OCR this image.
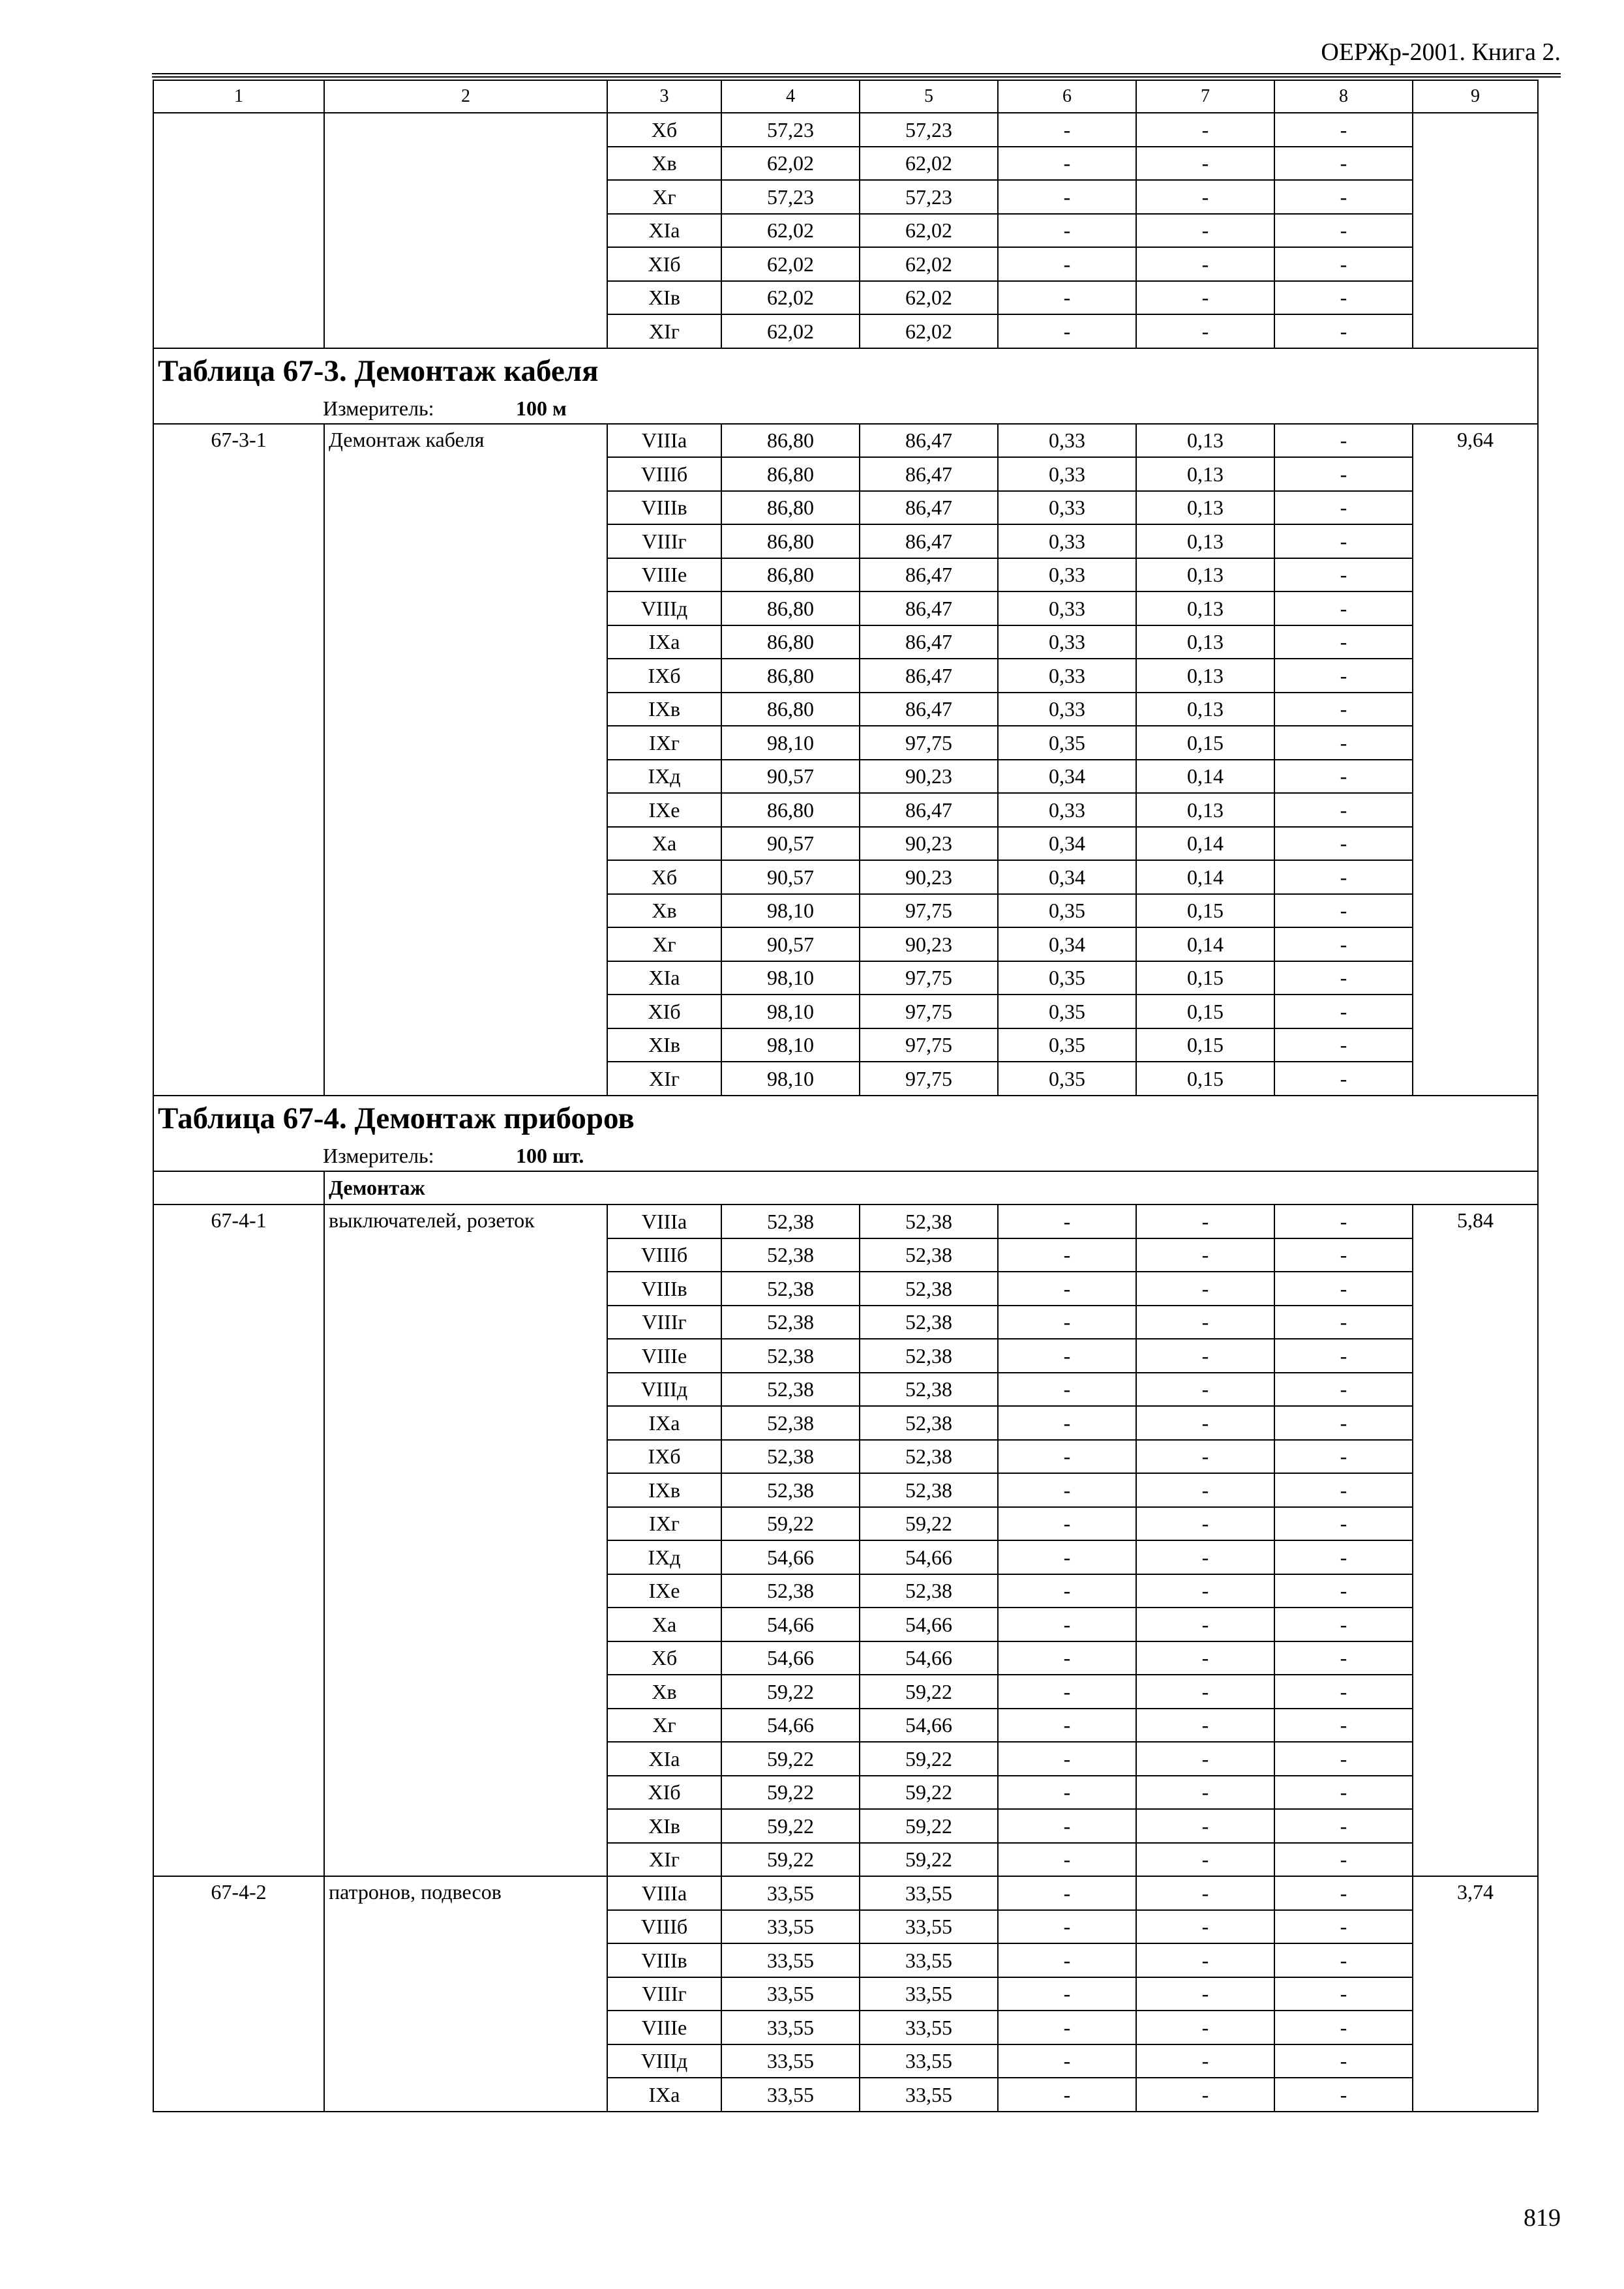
ОЕРЖр-2001. Книга 2.
1	2	3	4	5	6	7	8	9
		Xб	57,23	57,23	-	-	-	
		Xв	62,02	62,02	-	-	-	
		Xг	57,23	57,23	-	-	-	
		XIа	62,02	62,02	-	-	-	
		XIб	62,02	62,02	-	-	-	
		XIв	62,02	62,02	-	-	-	
		XIг	62,02	62,02	-	-	-	
Таблица 67-3. Демонтаж кабеля								
Измеритель: 100 м								
67-3-1	Демонтаж кабеля	VIIIа	86,80	86,47	0,33	0,13	-	9,64
		VIIIб	86,80	86,47	0,33	0,13	-	
		VIIIв	86,80	86,47	0,33	0,13	-	
		VIIIг	86,80	86,47	0,33	0,13	-	
		VIIIе	86,80	86,47	0,33	0,13	-	
		VIIIд	86,80	86,47	0,33	0,13	-	
		IXа	86,80	86,47	0,33	0,13	-	
		IXб	86,80	86,47	0,33	0,13	-	
		IXв	86,80	86,47	0,33	0,13	-	
		IXг	98,10	97,75	0,35	0,15	-	
		IXд	90,57	90,23	0,34	0,14	-	
		IXе	86,80	86,47	0,33	0,13	-	
		Xа	90,57	90,23	0,34	0,14	-	
		Xб	90,57	90,23	0,34	0,14	-	
		Xв	98,10	97,75	0,35	0,15	-	
		Xг	90,57	90,23	0,34	0,14	-	
		XIа	98,10	97,75	0,35	0,15	-	
		XIб	98,10	97,75	0,35	0,15	-	
		XIв	98,10	97,75	0,35	0,15	-	
		XIг	98,10	97,75	0,35	0,15	-	
Таблица 67-4. Демонтаж приборов								
Измеритель: 100 шт.								
	Демонтаж							
67-4-1	выключателей, розеток	VIIIа	52,38	52,38	-	-	-	5,84
		VIIIб	52,38	52,38	-	-	-	
		VIIIв	52,38	52,38	-	-	-	
		VIIIг	52,38	52,38	-	-	-	
		VIIIе	52,38	52,38	-	-	-	
		VIIIд	52,38	52,38	-	-	-	
		IXа	52,38	52,38	-	-	-	
		IXб	52,38	52,38	-	-	-	
		IXв	52,38	52,38	-	-	-	
		IXг	59,22	59,22	-	-	-	
		IXд	54,66	54,66	-	-	-	
		IXе	52,38	52,38	-	-	-	
		Xа	54,66	54,66	-	-	-	
		Xб	54,66	54,66	-	-	-	
		Xв	59,22	59,22	-	-	-	
		Xг	54,66	54,66	-	-	-	
		XIа	59,22	59,22	-	-	-	
		XIб	59,22	59,22	-	-	-	
		XIв	59,22	59,22	-	-	-	
		XIг	59,22	59,22	-	-	-	
67-4-2	патронов, подвесов	VIIIа	33,55	33,55	-	-	-	3,74
		VIIIб	33,55	33,55	-	-	-	
		VIIIв	33,55	33,55	-	-	-	
		VIIIг	33,55	33,55	-	-	-	
		VIIIе	33,55	33,55	-	-	-	
		VIIIд	33,55	33,55	-	-	-	
		IXа	33,55	33,55	-	-	-	
819
